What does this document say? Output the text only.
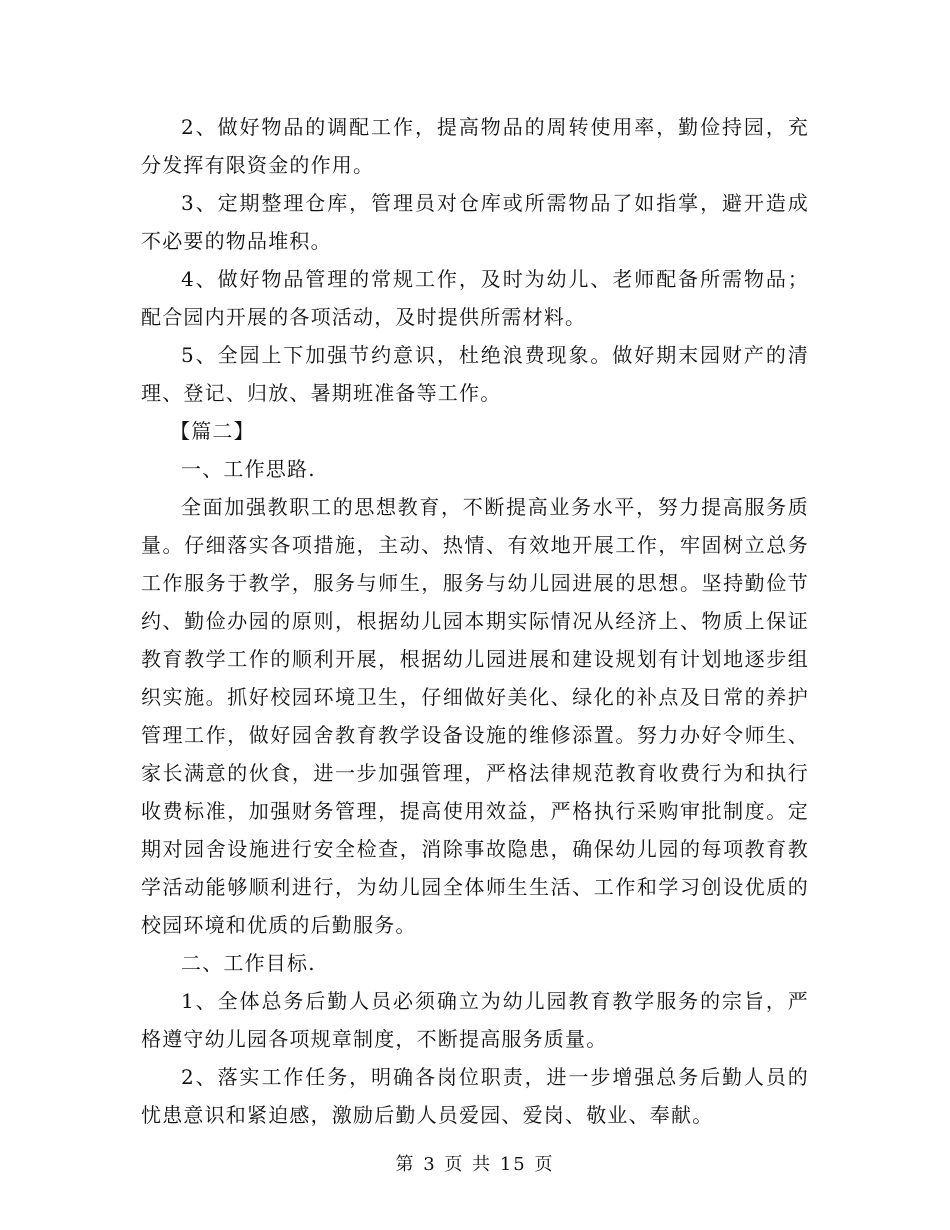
2、做好物品的调配工作，提高物品的周转使用率，勤俭持园，充分发挥有限资金的作用。

3、定期整理仓库，管理员对仓库或所需物品了如指掌，避开造成不必要的物品堆积。

4、做好物品管理的常规工作，及时为幼儿、老师配备所需物品；配合园内开展的各项活动，及时提供所需材料。

5、全园上下加强节约意识，杜绝浪费现象。做好期末园财产的清理、登记、归放、暑期班准备等工作。

【篇二】

一、工作思路.

全面加强教职工的思想教育，不断提高业务水平，努力提高服务质量。仔细落实各项措施，主动、热情、有效地开展工作，牢固树立总务工作服务于教学，服务与师生，服务与幼儿园进展的思想。坚持勤俭节约、勤俭办园的原则，根据幼儿园本期实际情况从经济上、物质上保证教育教学工作的顺利开展，根据幼儿园进展和建设规划有计划地逐步组织实施。抓好校园环境卫生，仔细做好美化、绿化的补点及日常的养护管理工作，做好园舍教育教学设备设施的维修添置。努力办好令师生、家长满意的伙食，进一步加强管理，严格法律规范教育收费行为和执行收费标准，加强财务管理，提高使用效益，严格执行采购审批制度。定期对园舍设施进行安全检查，消除事故隐患，确保幼儿园的每项教育教学活动能够顺利进行，为幼儿园全体师生生活、工作和学习创设优质的校园环境和优质的后勤服务。

二、工作目标.

1、全体总务后勤人员必须确立为幼儿园教育教学服务的宗旨，严格遵守幼儿园各项规章制度，不断提高服务质量。

2、落实工作任务，明确各岗位职责，进一步增强总务后勤人员的忧患意识和紧迫感，激励后勤人员爱园、爱岗、敬业、奉献。

第 3 页 共 15 页
